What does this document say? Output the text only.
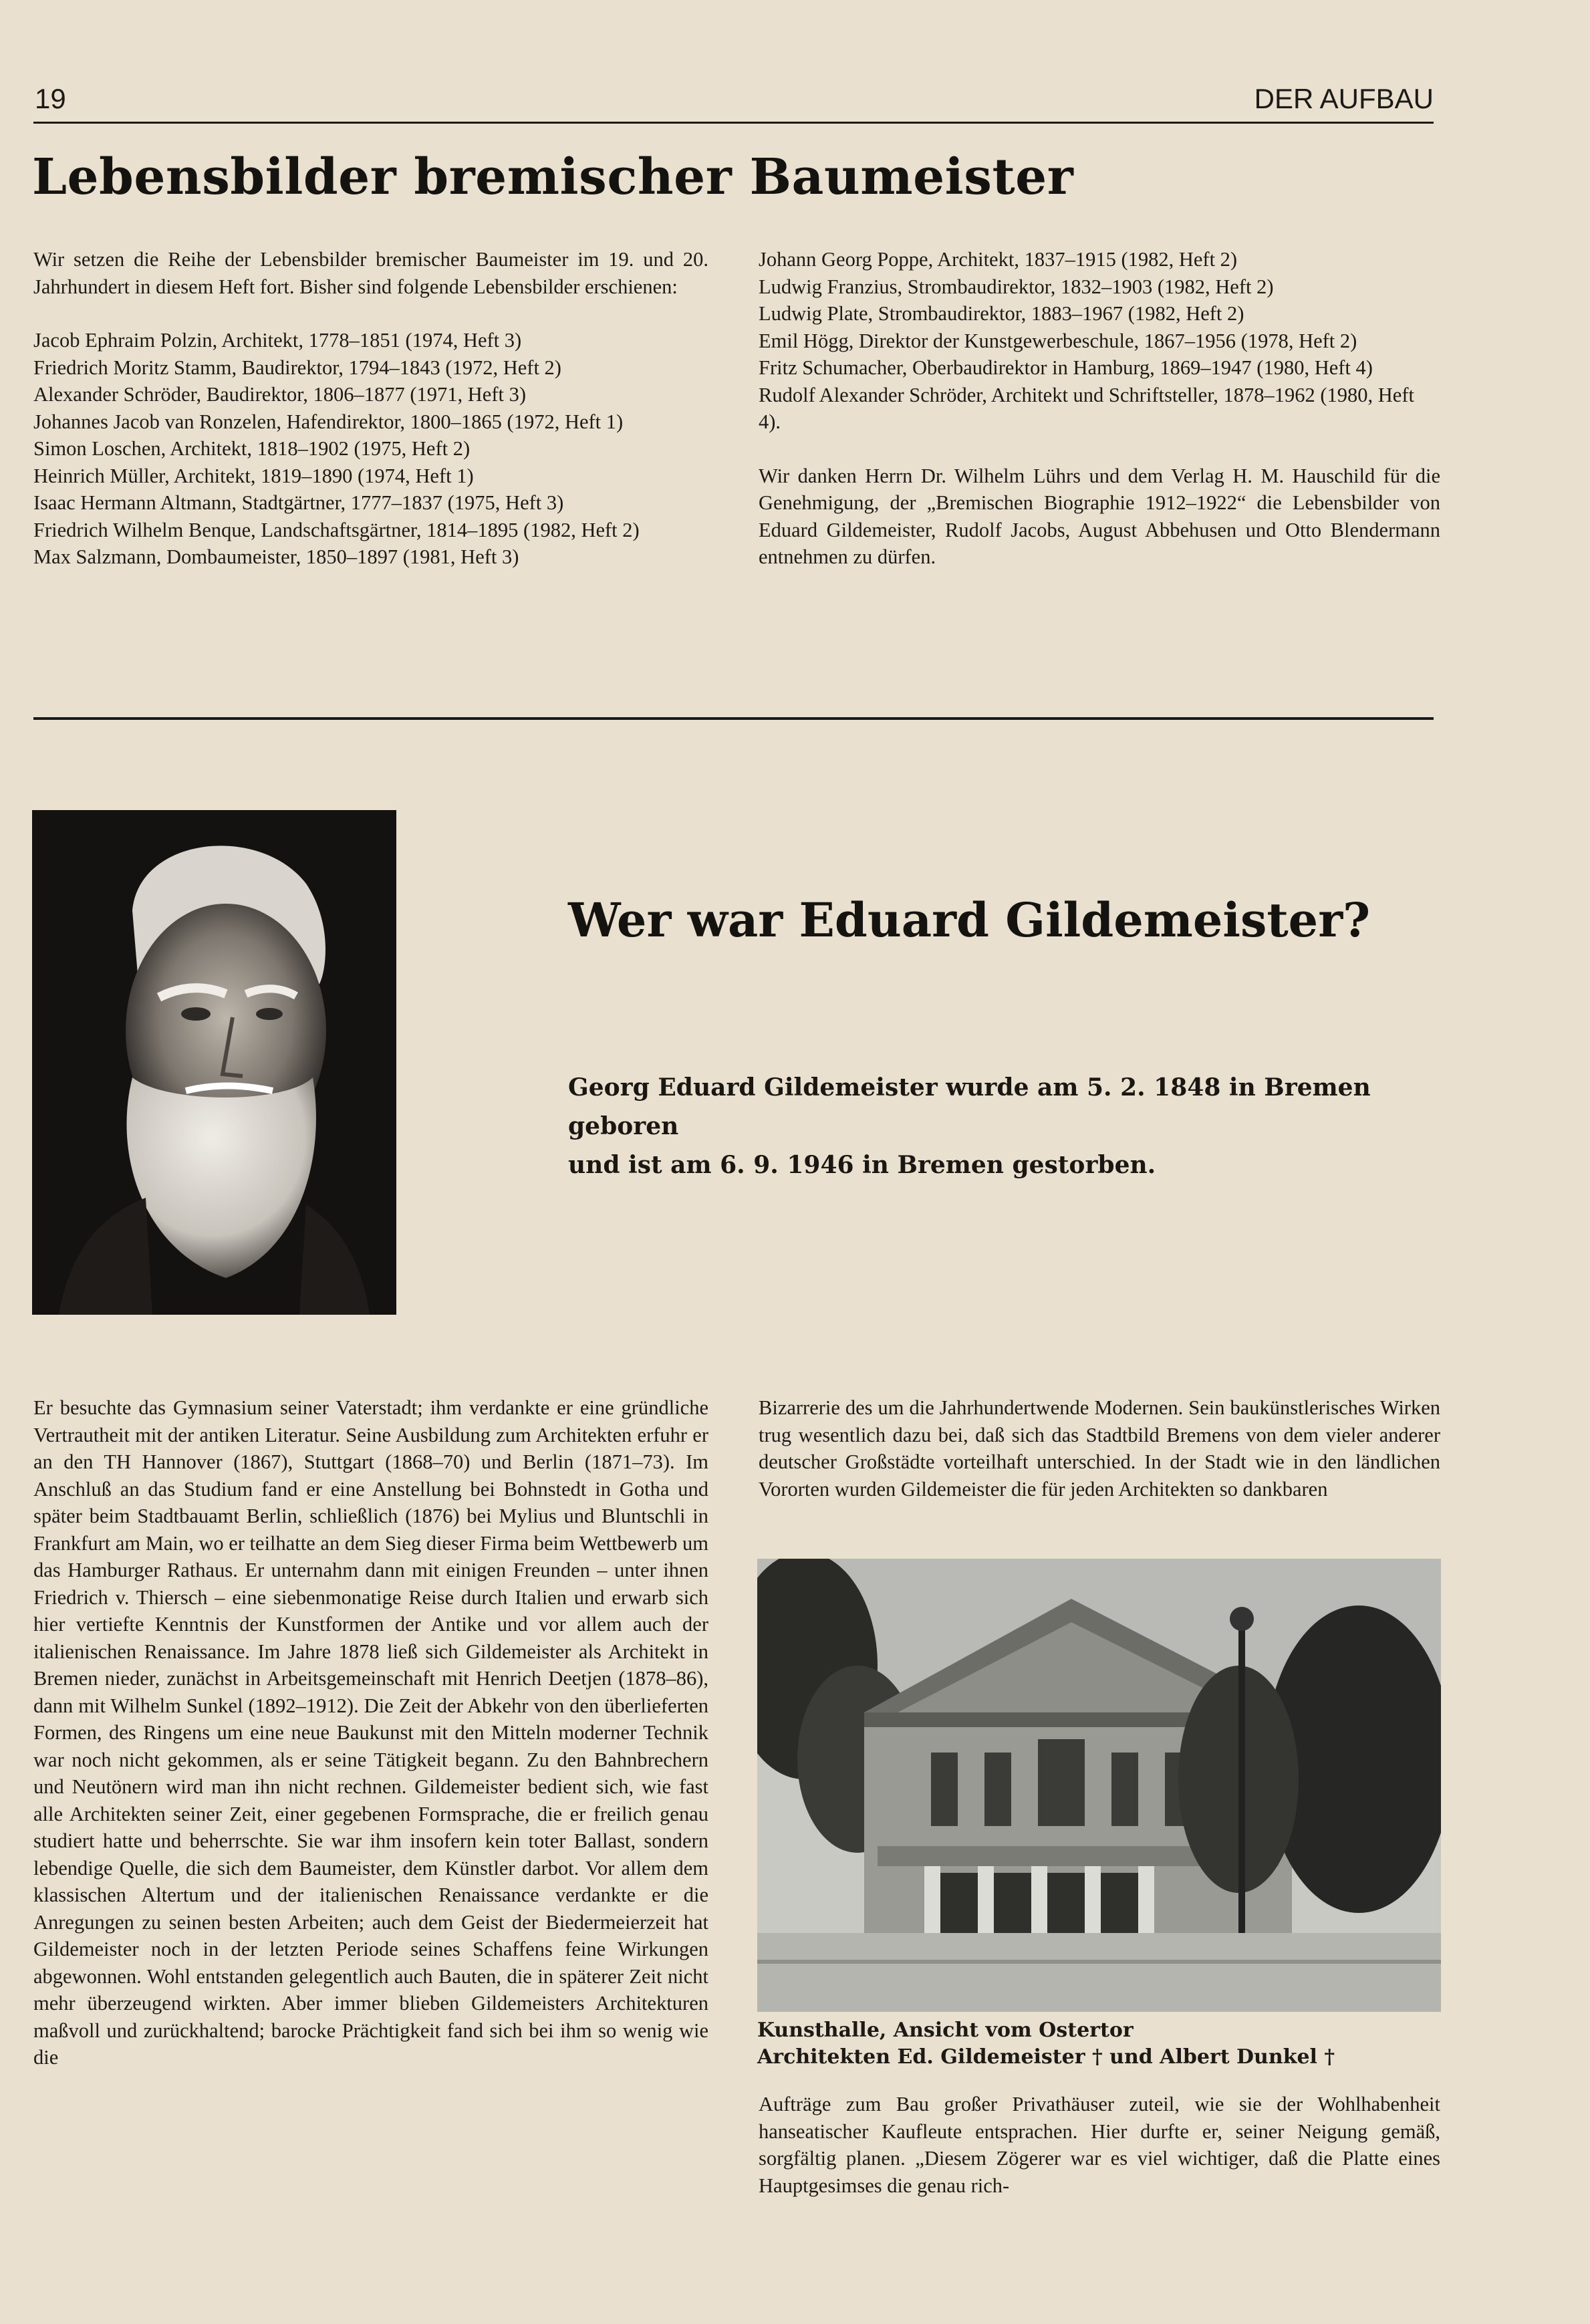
19	DER AUFBAU
Lebensbilder bremischer Baumeister

Wir setzen die Reihe der Lebensbilder bremischer Baumeister im 19. und 20. Jahrhundert in diesem Heft fort. Bisher sind folgende Lebensbilder erschienen:

Jacob Ephraim Polzin, Architekt, 1778–1851 (1974, Heft 3)
Friedrich Moritz Stamm, Baudirektor, 1794–1843 (1972, Heft 2)
Alexander Schröder, Baudirektor, 1806–1877 (1971, Heft 3)
Johannes Jacob van Ronzelen, Hafendirektor, 1800–1865 (1972, Heft 1)
Simon Loschen, Architekt, 1818–1902 (1975, Heft 2)
Heinrich Müller, Architekt, 1819–1890 (1974, Heft 1)
Isaac Hermann Altmann, Stadtgärtner, 1777–1837 (1975, Heft 3)
Friedrich Wilhelm Benque, Landschaftsgärtner, 1814–1895 (1982, Heft 2)
Max Salzmann, Dombaumeister, 1850–1897 (1981, Heft 3)
Johann Georg Poppe, Architekt, 1837–1915 (1982, Heft 2)
Ludwig Franzius, Strombaudirektor, 1832–1903 (1982, Heft 2)
Ludwig Plate, Strombaudirektor, 1883–1967 (1982, Heft 2)
Emil Högg, Direktor der Kunstgewerbeschule, 1867–1956 (1978, Heft 2)
Fritz Schumacher, Oberbaudirektor in Hamburg, 1869–1947 (1980, Heft 4)
Rudolf Alexander Schröder, Architekt und Schriftsteller, 1878–1962 (1980, Heft 4).

Wir danken Herrn Dr. Wilhelm Lührs und dem Verlag H. M. Hauschild für die Genehmigung, der „Bremischen Biographie 1912–1922“ die Lebensbilder von Eduard Gildemeister, Rudolf Jacobs, August Abbehusen und Otto Blendermann entnehmen zu dürfen.

Wer war Eduard Gildemeister?
Georg Eduard Gildemeister wurde am 5. 2. 1848 in Bremen geboren
und ist am 6. 9. 1946 in Bremen gestorben.

Er besuchte das Gymnasium seiner Vaterstadt; ihm verdankte er eine gründliche Vertrautheit mit der antiken Literatur. Seine Ausbildung zum Architekten erfuhr er an den TH Hannover (1867), Stuttgart (1868–70) und Berlin (1871–73). Im Anschluß an das Studium fand er eine Anstellung bei Bohnstedt in Gotha und später beim Stadtbauamt Berlin, schließlich (1876) bei Mylius und Bluntschli in Frankfurt am Main, wo er teilhatte an dem Sieg dieser Firma beim Wettbewerb um das Hamburger Rathaus. Er unternahm dann mit einigen Freunden – unter ihnen Friedrich v. Thiersch – eine siebenmonatige Reise durch Italien und erwarb sich hier vertiefte Kenntnis der Kunstformen der Antike und vor allem auch der italienischen Renaissance. Im Jahre 1878 ließ sich Gildemeister als Architekt in Bremen nieder, zunächst in Arbeitsgemeinschaft mit Henrich Deetjen (1878–86), dann mit Wilhelm Sunkel (1892–1912). Die Zeit der Abkehr von den überlieferten Formen, des Ringens um eine neue Baukunst mit den Mitteln moderner Technik war noch nicht gekommen, als er seine Tätigkeit begann. Zu den Bahnbrechern und Neutönern wird man ihn nicht rechnen. Gildemeister bedient sich, wie fast alle Architekten seiner Zeit, einer gegebenen Formsprache, die er freilich genau studiert hatte und beherrschte. Sie war ihm insofern kein toter Ballast, sondern lebendige Quelle, die sich dem Baumeister, dem Künstler darbot. Vor allem dem klassischen Altertum und der italienischen Renaissance verdankte er die Anregungen zu seinen besten Arbeiten; auch dem Geist der Biedermeierzeit hat Gildemeister noch in der letzten Periode seines Schaffens feine Wirkungen abgewonnen. Wohl entstanden gelegentlich auch Bauten, die in späterer Zeit nicht mehr überzeugend wirkten. Aber immer blieben Gildemeisters Architekturen maßvoll und zurückhaltend; barocke Prächtigkeit fand sich bei ihm so wenig wie die

Bizarrerie des um die Jahrhundertwende Modernen. Sein baukünstlerisches Wirken trug wesentlich dazu bei, daß sich das Stadtbild Bremens von dem vieler anderer deutscher Großstädte vorteilhaft unterschied. In der Stadt wie in den ländlichen Vororten wurden Gildemeister die für jeden Architekten so dankbaren

Kunsthalle, Ansicht vom Ostertor
Architekten Ed. Gildemeister † und Albert Dunkel †

Aufträge zum Bau großer Privathäuser zuteil, wie sie der Wohlhabenheit hanseatischer Kaufleute entsprachen. Hier durfte er, seiner Neigung gemäß, sorgfältig planen. „Diesem Zögerer war es viel wichtiger, daß die Platte eines Hauptgesimses die genau rich-
